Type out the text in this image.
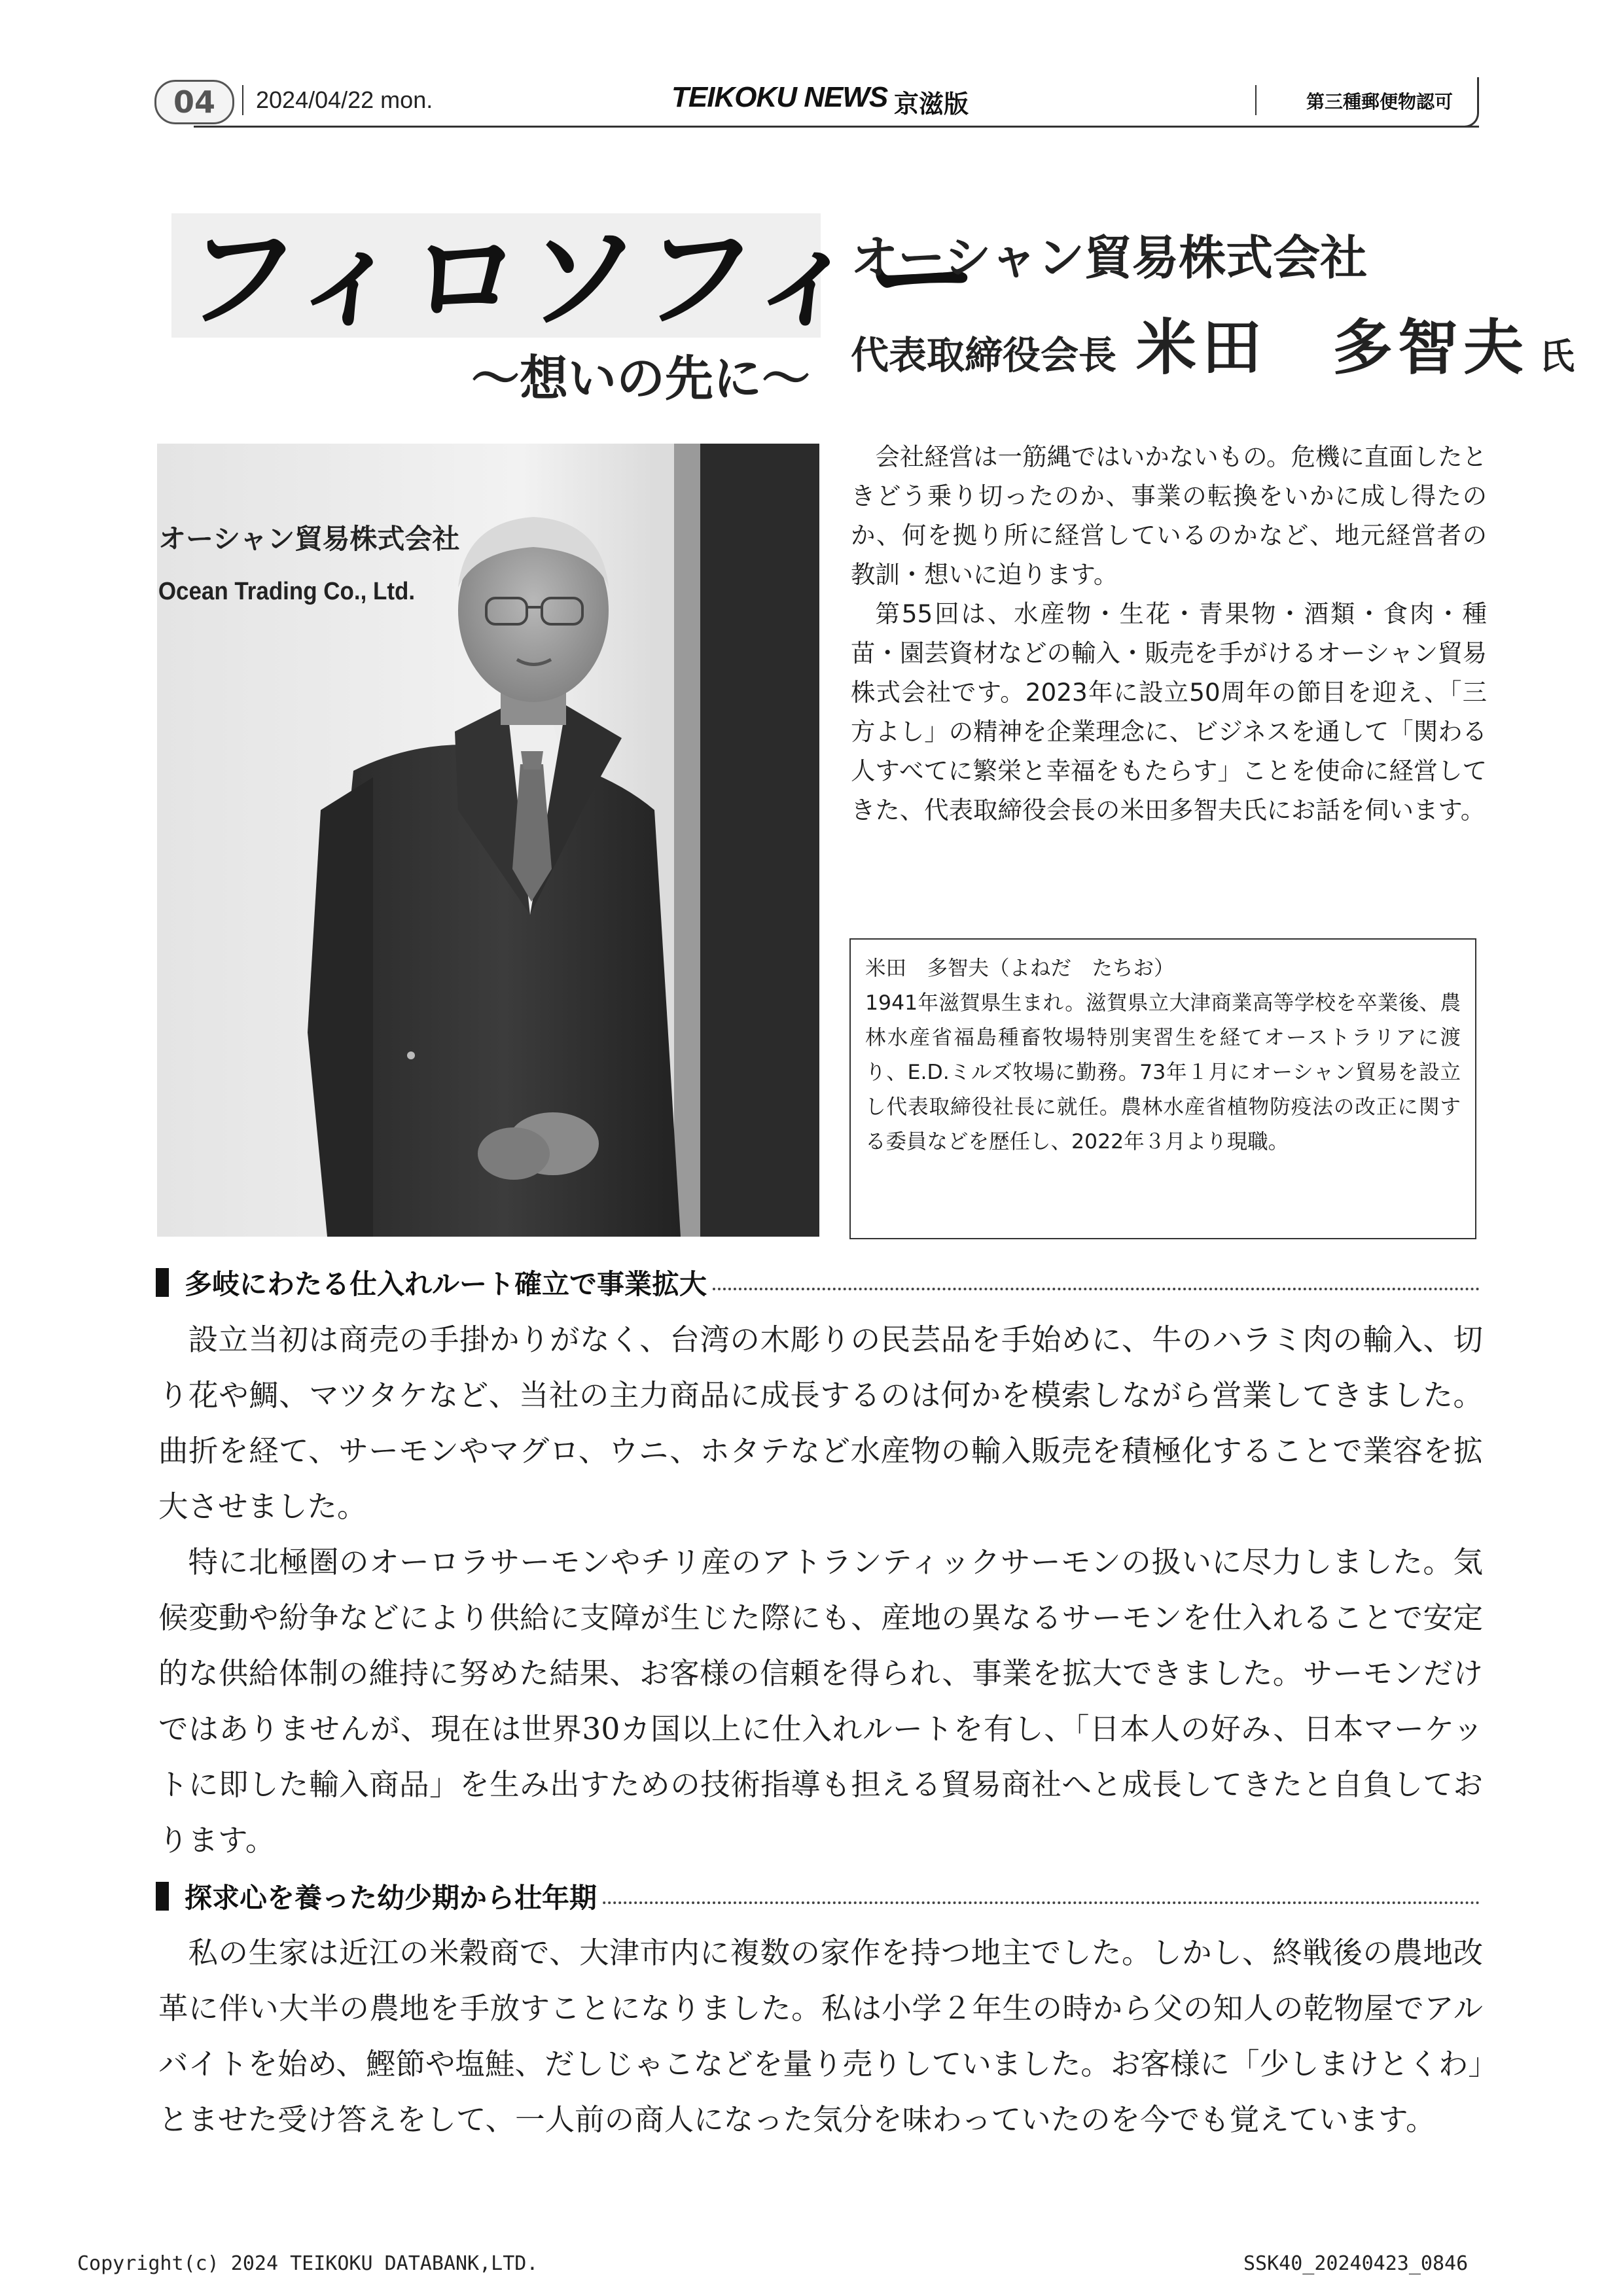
04	2024/04/22 mon.	TEIKOKU NEWS 京滋版	第三種郵便物認可
フィロソフィー
〜想いの先に〜
オーシャン貿易株式会社
代表取締役会長 米田　多智夫 氏
オーシャン貿易株式会社
Ocean Trading Co., Ltd.

会社経営は一筋縄ではいかないもの。危機に直面したときどう乗り切ったのか、事業の転換をいかに成し得たのか、何を拠り所に経営しているのかなど、地元経営者の教訓・想いに迫ります。

第55回は、水産物・生花・青果物・酒類・食肉・種苗・園芸資材などの輸入・販売を手がけるオーシャン貿易株式会社です。2023年に設立50周年の節目を迎え、「三方よし」の精神を企業理念に、ビジネスを通して「関わる人すべてに繁栄と幸福をもたらす」ことを使命に経営してきた、代表取締役会長の米田多智夫氏にお話を伺います。

米田　多智夫（よねだ　たちお）

1941年滋賀県生まれ。滋賀県立大津商業高等学校を卒業後、農林水産省福島種畜牧場特別実習生を経てオーストラリアに渡り、E.D.ミルズ牧場に勤務。73年１月にオーシャン貿易を設立し代表取締役社長に就任。農林水産省植物防疫法の改正に関する委員などを歴任し、2022年３月より現職。

多岐にわたる仕入れルート確立で事業拡大

設立当初は商売の手掛かりがなく、台湾の木彫りの民芸品を手始めに、牛のハラミ肉の輸入、切り花や鯛、マツタケなど、当社の主力商品に成長するのは何かを模索しながら営業してきました。曲折を経て、サーモンやマグロ、ウニ、ホタテなど水産物の輸入販売を積極化することで業容を拡大させました。

特に北極圏のオーロラサーモンやチリ産のアトランティックサーモンの扱いに尽力しました。気候変動や紛争などにより供給に支障が生じた際にも、産地の異なるサーモンを仕入れることで安定的な供給体制の維持に努めた結果、お客様の信頼を得られ、事業を拡大できました。サーモンだけではありませんが、現在は世界30カ国以上に仕入れルートを有し、「日本人の好み、日本マーケットに即した輸入商品」を生み出すための技術指導も担える貿易商社へと成長してきたと自負しております。

探求心を養った幼少期から壮年期

私の生家は近江の米穀商で、大津市内に複数の家作を持つ地主でした。しかし、終戦後の農地改革に伴い大半の農地を手放すことになりました。私は小学２年生の時から父の知人の乾物屋でアルバイトを始め、鰹節や塩鮭、だしじゃこなどを量り売りしていました。お客様に「少しまけとくわ」とませた受け答えをして、一人前の商人になった気分を味わっていたのを今でも覚えています。

Copyright(c) 2024 TEIKOKU DATABANK,LTD.	SSK40_20240423_0846
